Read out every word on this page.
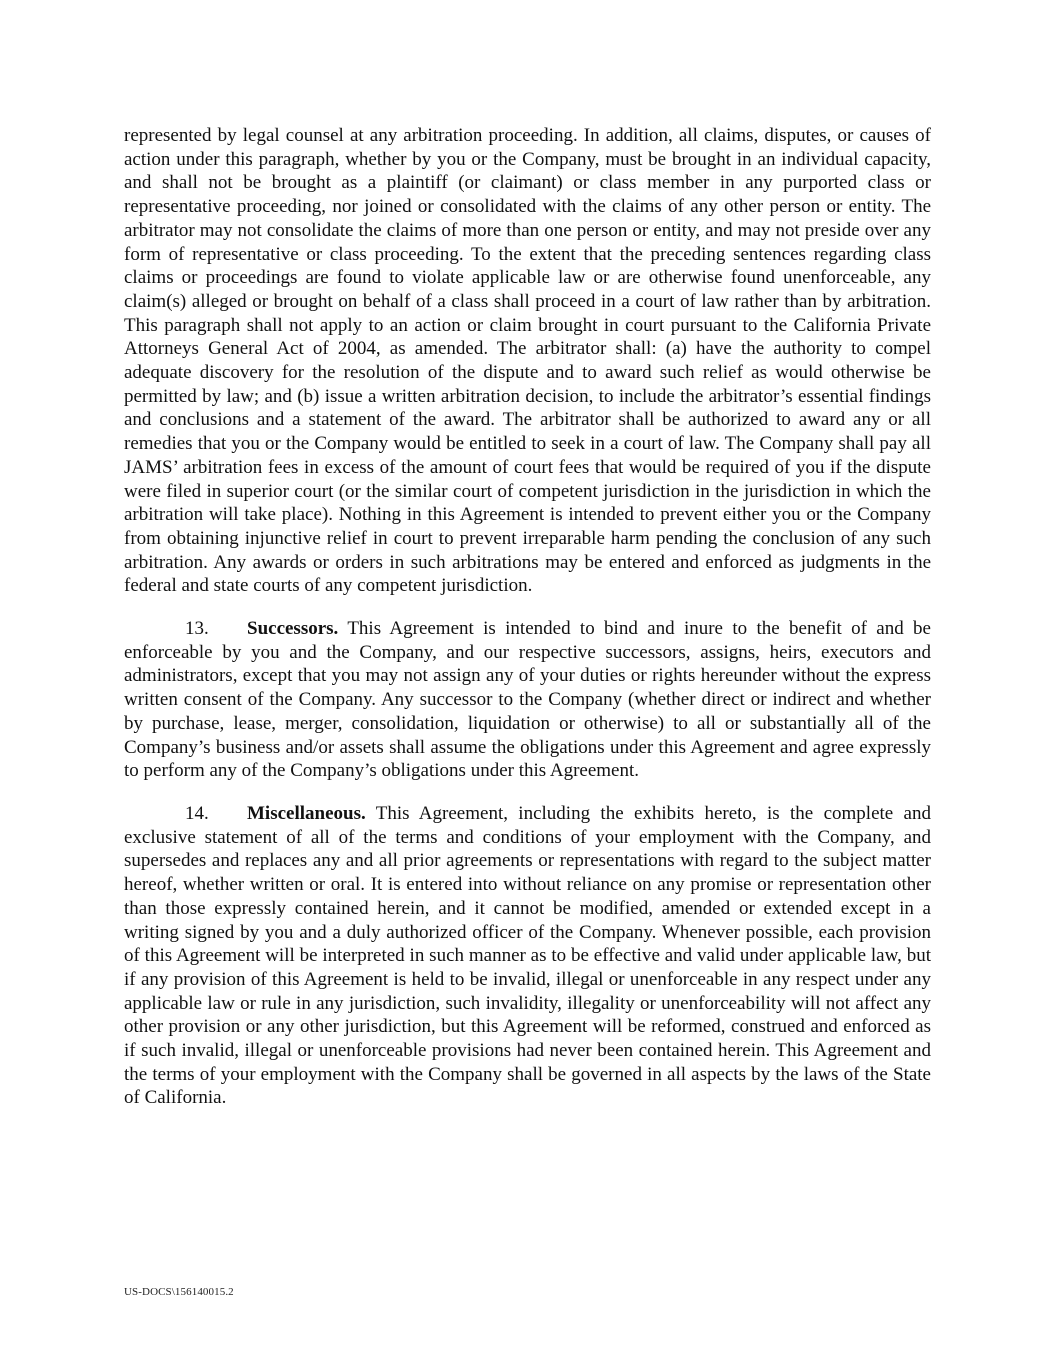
represented by legal counsel at any arbitration proceeding. In addition, all claims, disputes, or causes of action under this paragraph, whether by you or the Company, must be brought in an individual capacity, and shall not be brought as a plaintiff (or claimant) or class member in any purported class or representative proceeding, nor joined or consolidated with the claims of any other person or entity. The arbitrator may not consolidate the claims of more than one person or entity, and may not preside over any form of representative or class proceeding. To the extent that the preceding sentences regarding class claims or proceedings are found to violate applicable law or are otherwise found unenforceable, any claim(s) alleged or brought on behalf of a class shall proceed in a court of law rather than by arbitration. This paragraph shall not apply to an action or claim brought in court pursuant to the California Private Attorneys General Act of 2004, as amended. The arbitrator shall: (a) have the authority to compel adequate discovery for the resolution of the dispute and to award such relief as would otherwise be permitted by law; and (b) issue a written arbitration decision, to include the arbitrator’s essential findings and conclusions and a statement of the award. The arbitrator shall be authorized to award any or all remedies that you or the Company would be entitled to seek in a court of law. The Company shall pay all JAMS’ arbitration fees in excess of the amount of court fees that would be required of you if the dispute were filed in superior court (or the similar court of competent jurisdiction in the jurisdiction in which the arbitration will take place). Nothing in this Agreement is intended to prevent either you or the Company from obtaining injunctive relief in court to prevent irreparable harm pending the conclusion of any such arbitration. Any awards or orders in such arbitrations may be entered and enforced as judgments in the federal and state courts of any competent jurisdiction.

13. Successors. This Agreement is intended to bind and inure to the benefit of and be enforceable by you and the Company, and our respective successors, assigns, heirs, executors and administrators, except that you may not assign any of your duties or rights hereunder without the express written consent of the Company. Any successor to the Company (whether direct or indirect and whether by purchase, lease, merger, consolidation, liquidation or otherwise) to all or substantially all of the Company’s business and/or assets shall assume the obligations under this Agreement and agree expressly to perform any of the Company’s obligations under this Agreement.

14. Miscellaneous. This Agreement, including the exhibits hereto, is the complete and exclusive statement of all of the terms and conditions of your employment with the Company, and supersedes and replaces any and all prior agreements or representations with regard to the subject matter hereof, whether written or oral. It is entered into without reliance on any promise or representation other than those expressly contained herein, and it cannot be modified, amended or extended except in a writing signed by you and a duly authorized officer of the Company. Whenever possible, each provision of this Agreement will be interpreted in such manner as to be effective and valid under applicable law, but if any provision of this Agreement is held to be invalid, illegal or unenforceable in any respect under any applicable law or rule in any jurisdiction, such invalidity, illegality or unenforceability will not affect any other provision or any other jurisdiction, but this Agreement will be reformed, construed and enforced as if such invalid, illegal or unenforceable provisions had never been contained herein. This Agreement and the terms of your employment with the Company shall be governed in all aspects by the laws of the State of California.

US-DOCS\156140015.2
